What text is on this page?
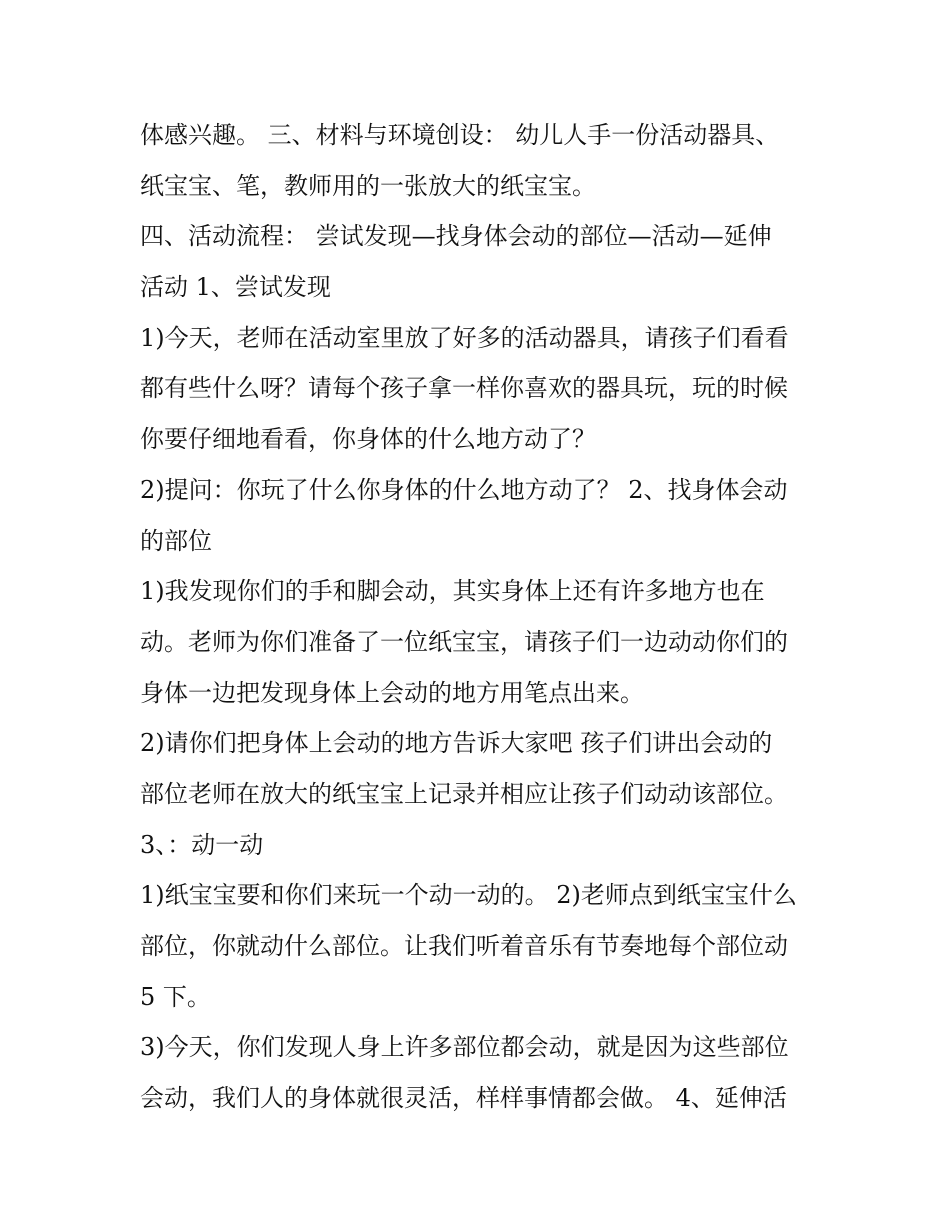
体感兴趣。 三、材料与环境创设： 幼儿人手一份活动器具、
纸宝宝、笔，教师用的一张放大的纸宝宝。
四、活动流程： 尝试发现—找身体会动的部位—活动—延伸
活动 1、尝试发现
1)今天，老师在活动室里放了好多的活动器具，请孩子们看看
都有些什么呀？请每个孩子拿一样你喜欢的器具玩，玩的时候
你要仔细地看看，你身体的什么地方动了？
2)提问：你玩了什么你身体的什么地方动了？ 2、找身体会动
的部位
1)我发现你们的手和脚会动，其实身体上还有许多地方也在
动。老师为你们准备了一位纸宝宝，请孩子们一边动动你们的
身体一边把发现身体上会动的地方用笔点出来。
2)请你们把身体上会动的地方告诉大家吧 孩子们讲出会动的
部位老师在放大的纸宝宝上记录并相应让孩子们动动该部位。
3、：动一动
1)纸宝宝要和你们来玩一个动一动的。 2)老师点到纸宝宝什么
部位，你就动什么部位。让我们听着音乐有节奏地每个部位动
5 下。
3)今天，你们发现人身上许多部位都会动，就是因为这些部位
会动，我们人的身体就很灵活，样样事情都会做。 4、延伸活
